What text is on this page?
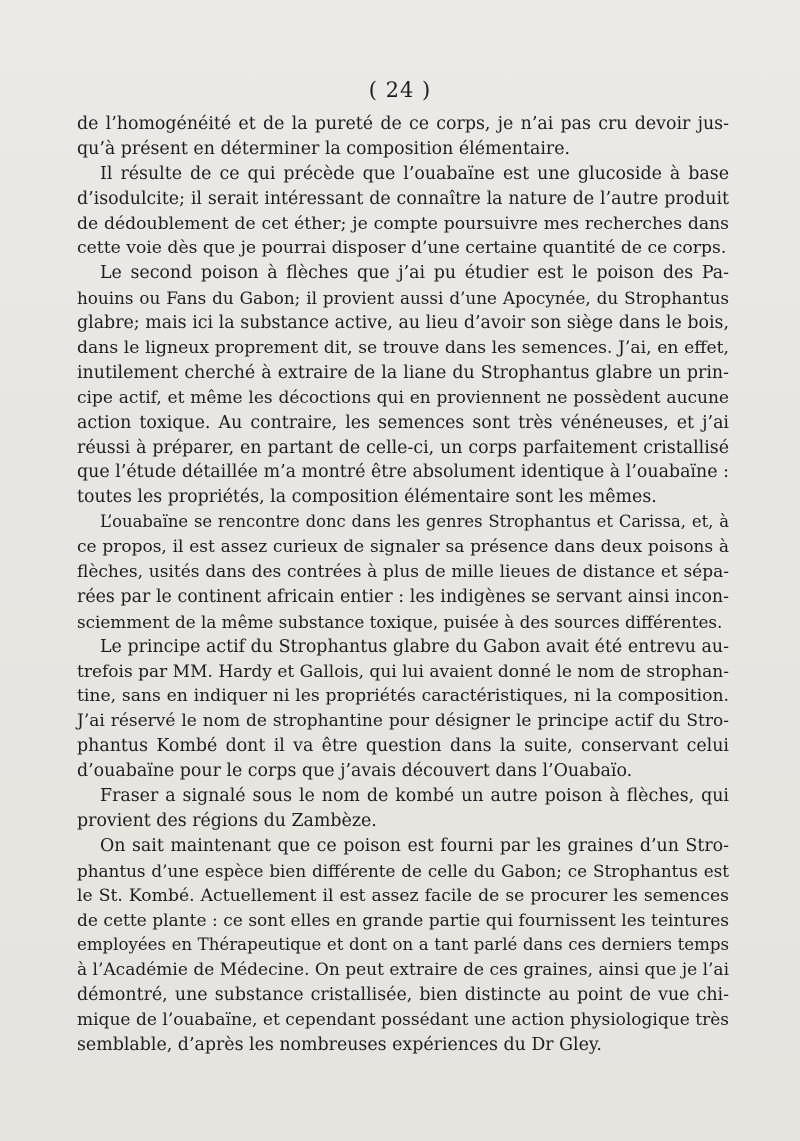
( 24 )
de l’homogénéité et de la pureté de ce corps, je n’ai pas cru devoir jus-
qu’à présent en déterminer la composition élémentaire.
Il résulte de ce qui précède que l’ouabaïne est une glucoside à base
d’isodulcite; il serait intéressant de connaître la nature de l’autre produit
de dédoublement de cet éther; je compte poursuivre mes recherches dans
cette voie dès que je pourrai disposer d’une certaine quantité de ce corps.
Le second poison à flèches que j’ai pu étudier est le poison des Pa-
houins ou Fans du Gabon; il provient aussi d’une Apocynée, du Strophantus
glabre; mais ici la substance active, au lieu d’avoir son siège dans le bois,
dans le ligneux proprement dit, se trouve dans les semences. J’ai, en effet,
inutilement cherché à extraire de la liane du Strophantus glabre un prin-
cipe actif, et même les décoctions qui en proviennent ne possèdent aucune
action toxique. Au contraire, les semences sont très vénéneuses, et j’ai
réussi à préparer, en partant de celle-ci, un corps parfaitement cristallisé
que l’étude détaillée m’a montré être absolument identique à l’ouabaïne :
toutes les propriétés, la composition élémentaire sont les mêmes.
L’ouabaïne se rencontre donc dans les genres Strophantus et Carissa, et, à
ce propos, il est assez curieux de signaler sa présence dans deux poisons à
flèches, usités dans des contrées à plus de mille lieues de distance et sépa-
rées par le continent africain entier : les indigènes se servant ainsi incon-
sciemment de la même substance toxique, puisée à des sources différentes.
Le principe actif du Strophantus glabre du Gabon avait été entrevu au-
trefois par MM. Hardy et Gallois, qui lui avaient donné le nom de strophan-
tine, sans en indiquer ni les propriétés caractéristiques, ni la composition.
J’ai réservé le nom de strophantine pour désigner le principe actif du Stro-
phantus Kombé dont il va être question dans la suite, conservant celui
d’ouabaïne pour le corps que j’avais découvert dans l’Ouabaïo.
Fraser a signalé sous le nom de kombé un autre poison à flèches, qui
provient des régions du Zambèze.
On sait maintenant que ce poison est fourni par les graines d’un Stro-
phantus d’une espèce bien différente de celle du Gabon; ce Strophantus est
le St. Kombé. Actuellement il est assez facile de se procurer les semences
de cette plante : ce sont elles en grande partie qui fournissent les teintures
employées en Thérapeutique et dont on a tant parlé dans ces derniers temps
à l’Académie de Médecine. On peut extraire de ces graines, ainsi que je l’ai
démontré, une substance cristallisée, bien distincte au point de vue chi-
mique de l’ouabaïne, et cependant possédant une action physiologique très
semblable, d’après les nombreuses expériences du Dr Gley.
